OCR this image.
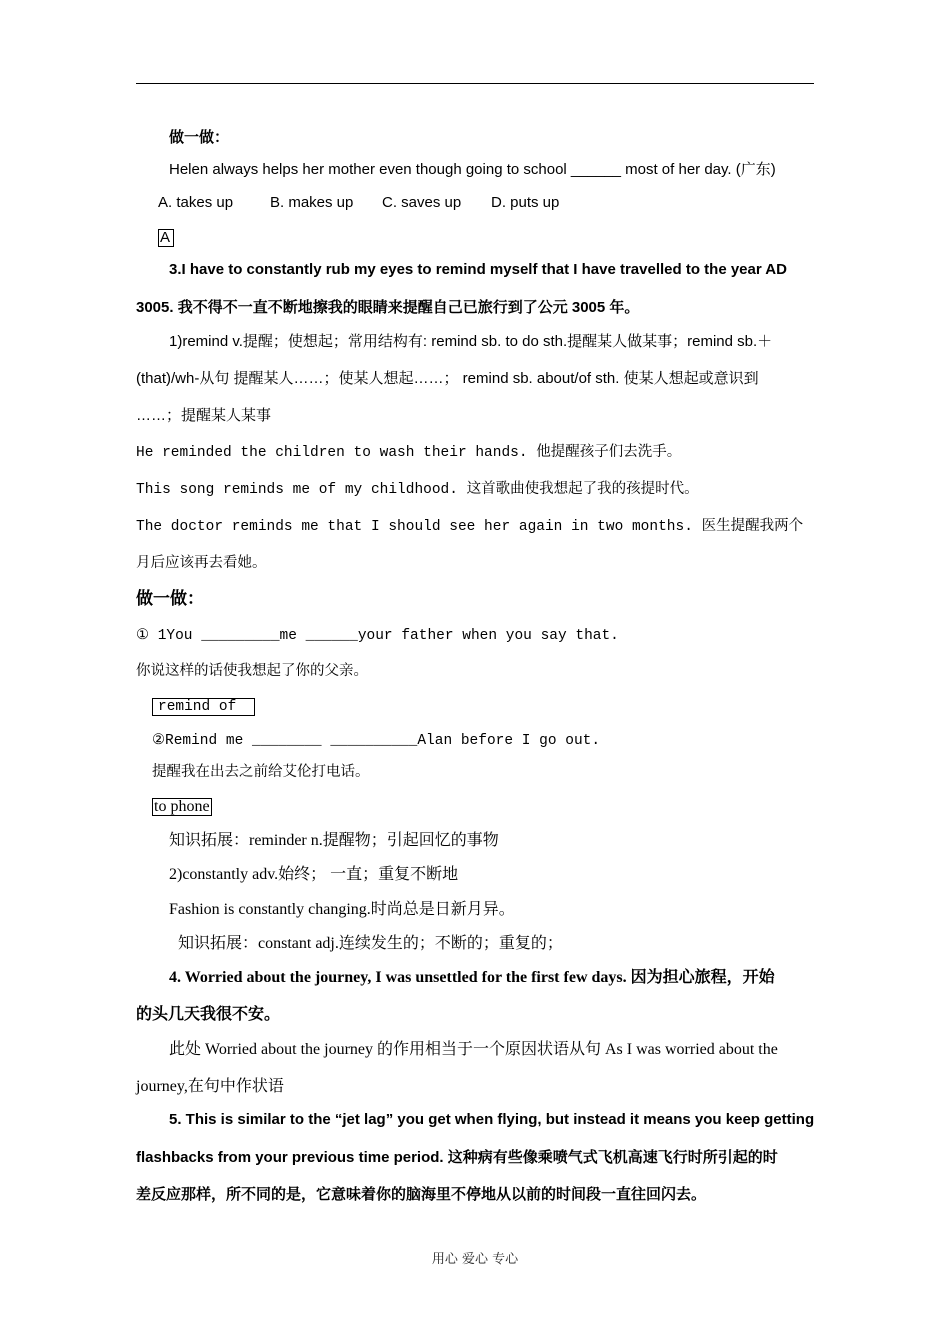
做一做：
Helen always helps her mother even though going to school ______ most of her day. (广东)
A. takes up B. makes up C. saves up D. puts up
A
3.I have to constantly rub my eyes to remind myself that I have travelled to the year AD
3005. 我不得不一直不断地擦我的眼睛来提醒自己已旅行到了公元 3005 年。
1)remind v.提醒；使想起；常用结构有: remind sb. to do sth.提醒某人做某事；remind sb.＋
(that)/wh-从句 提醒某人……；使某人想起……； remind sb. about/of sth. 使某人想起或意识到
……；提醒某人某事
He reminded the children to wash their hands. 他提醒孩子们去洗手。
This song reminds me of my childhood. 这首歌曲使我想起了我的孩提时代。
The doctor reminds me that I should see her again in two months. 医生提醒我两个
月后应该再去看她。
做一做：
① 1You _________me ______your father when you say that.
你说这样的话使我想起了你的父亲。
remind of
②Remind me ________ __________Alan before I go out.
提醒我在出去之前给艾伦打电话。
to phone
知识拓展：reminder n.提醒物；引起回忆的事物
2)constantly adv.始终； 一直；重复不断地
Fashion is constantly changing.时尚总是日新月异。
知识拓展：constant adj.连续发生的；不断的；重复的；
4. Worried about the journey, I was unsettled for the first few days. 因为担心旅程，开始
的头几天我很不安。
此处 Worried about the journey 的作用相当于一个原因状语从句 As I was worried about the
journey,在句中作状语
5. This is similar to the “jet lag” you get when flying, but instead it means you keep getting
flashbacks from your previous time period. 这种病有些像乘喷气式飞机高速飞行时所引起的时
差反应那样，所不同的是，它意味着你的脑海里不停地从以前的时间段一直往回闪去。
用心 爱心 专心
